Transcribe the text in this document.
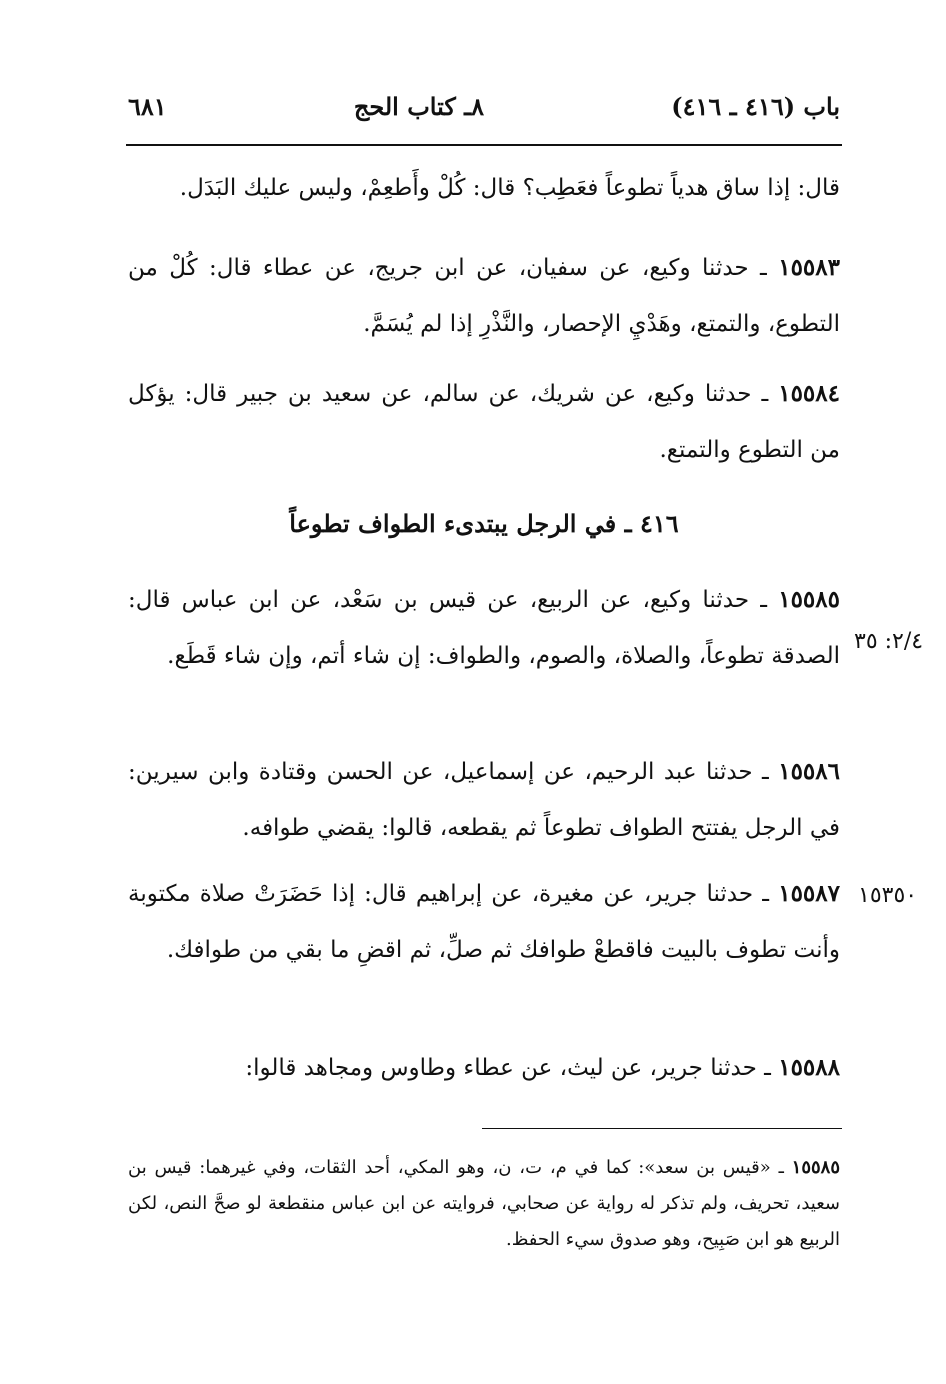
باب (٤١٦ ـ ٤١٦)
٨ـ كتاب الحج
٦٨١
قال: إذا ساق هدياً تطوعاً فعَطِب؟ قال: كُلْ وأَطعِمْ، وليس عليك البَدَل.
١٥٥٨٣ ـ حدثنا وكيع، عن سفيان، عن ابن جريج، عن عطاء قال: كُلْ من التطوع، والتمتع، وهَدْيِ الإحصار، والنَّذْرِ إذا لم يُسَمَّ.
١٥٥٨٤ ـ حدثنا وكيع، عن شريك، عن سالم، عن سعيد بن جبير قال: يؤكل من التطوع والتمتع.
٤١٦ ـ في الرجل يبتدىء الطواف تطوعاً
١٥٥٨٥ ـ حدثنا وكيع، عن الربيع، عن قيس بن سَعْد، عن ابن عباس قال: الصدقة تطوعاً، والصلاة، والصوم، والطواف: إن شاء أتم، وإن شاء قَطَع.
٢/٤: ٣٥
١٥٥٨٦ ـ حدثنا عبد الرحيم، عن إسماعيل، عن الحسن وقتادة وابن سيرين: في الرجل يفتتح الطواف تطوعاً ثم يقطعه، قالوا: يقضي طوافه.
١٥٥٨٧ ـ حدثنا جرير، عن مغيرة، عن إبراهيم قال: إذا حَضَرَتْ صلاة مكتوبة وأنت تطوف بالبيت فاقطعْ طوافك ثم صلِّ، ثم اقضِ ما بقي من طوافك.
١٥٣٥٠
١٥٥٨٨ ـ حدثنا جرير، عن ليث، عن عطاء وطاوس ومجاهد قالوا:
١٥٥٨٥ ـ «قيس بن سعد»: كما في م، ت، ن، وهو المكي، أحد الثقات، وفي غيرهما: قيس بن سعيد، تحريف، ولم تذكر له رواية عن صحابي، فروايته عن ابن عباس منقطعة لو صحَّ النص، لكن الربيع هو ابن صَبِيح، وهو صدوق سيء الحفظ.
